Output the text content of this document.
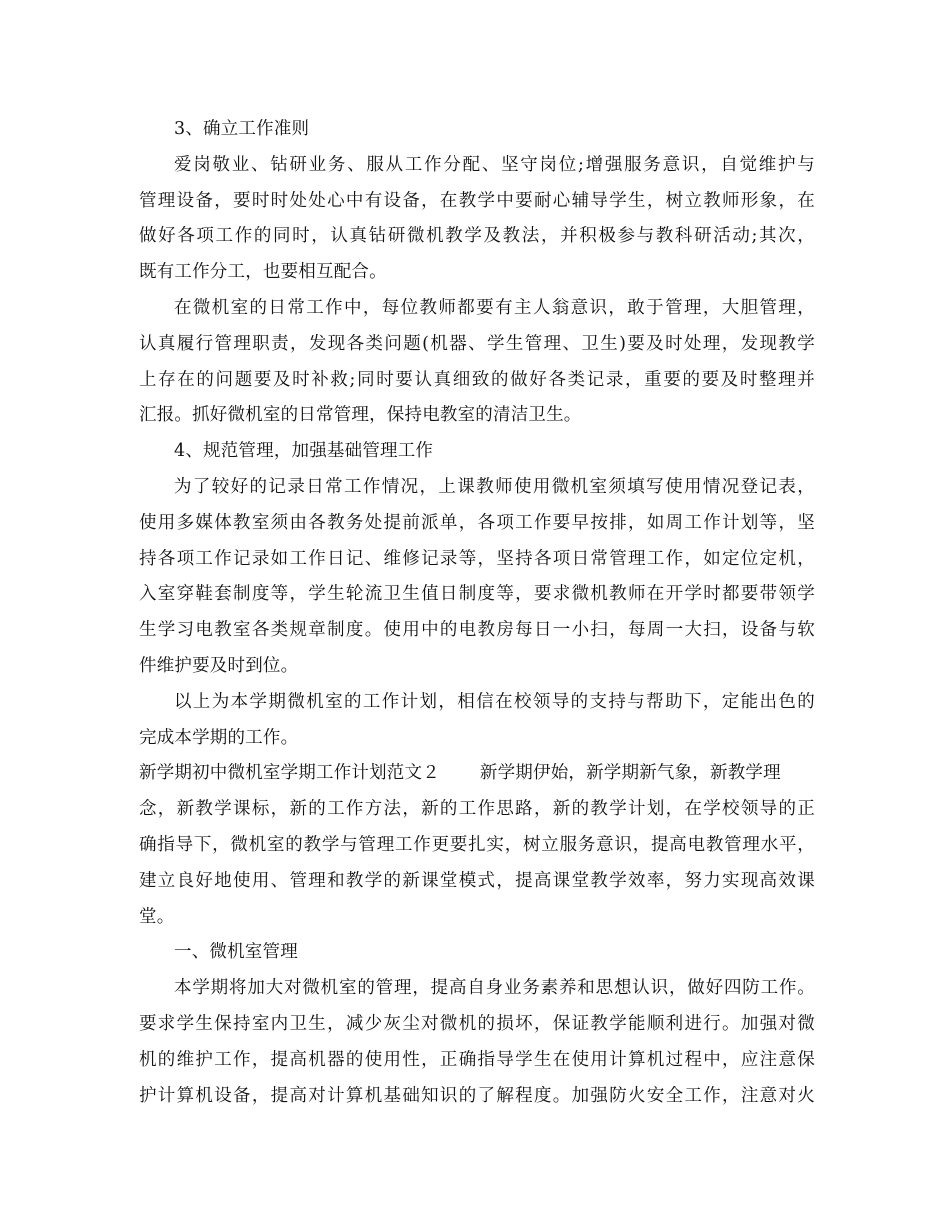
3、确立工作准则
爱岗敬业、钻研业务、服从工作分配、坚守岗位;增强服务意识，自觉维护与
管理设备，要时时处处心中有设备，在教学中要耐心辅导学生，树立教师形象，在
做好各项工作的同时，认真钻研微机教学及教法，并积极参与教科研活动;其次，
既有工作分工，也要相互配合。
在微机室的日常工作中，每位教师都要有主人翁意识，敢于管理，大胆管理，
认真履行管理职责，发现各类问题(机器、学生管理、卫生)要及时处理，发现教学
上存在的问题要及时补救;同时要认真细致的做好各类记录，重要的要及时整理并
汇报。抓好微机室的日常管理，保持电教室的清洁卫生。
4、规范管理，加强基础管理工作
为了较好的记录日常工作情况，上课教师使用微机室须填写使用情况登记表，
使用多媒体教室须由各教务处提前派单，各项工作要早按排，如周工作计划等，坚
持各项工作记录如工作日记、维修记录等，坚持各项日常管理工作，如定位定机，
入室穿鞋套制度等，学生轮流卫生值日制度等，要求微机教师在开学时都要带领学
生学习电教室各类规章制度。使用中的电教房每日一小扫，每周一大扫，设备与软
件维护要及时到位。
以上为本学期微机室的工作计划，相信在校领导的支持与帮助下，定能出色的
完成本学期的工作。
新学期初中微机室学期工作计划范文２ 新学期伊始，新学期新气象，新教学理
念，新教学课标，新的工作方法，新的工作思路，新的教学计划，在学校领导的正
确指导下，微机室的教学与管理工作更要扎实，树立服务意识，提高电教管理水平，
建立良好地使用、管理和教学的新课堂模式，提高课堂教学效率，努力实现高效课
堂。
一、微机室管理
本学期将加大对微机室的管理，提高自身业务素养和思想认识，做好四防工作。
要求学生保持室内卫生，减少灰尘对微机的损坏，保证教学能顺利进行。加强对微
机的维护工作，提高机器的使用性，正确指导学生在使用计算机过程中，应注意保
护计算机设备，提高对计算机基础知识的了解程度。加强防火安全工作，注意对火
